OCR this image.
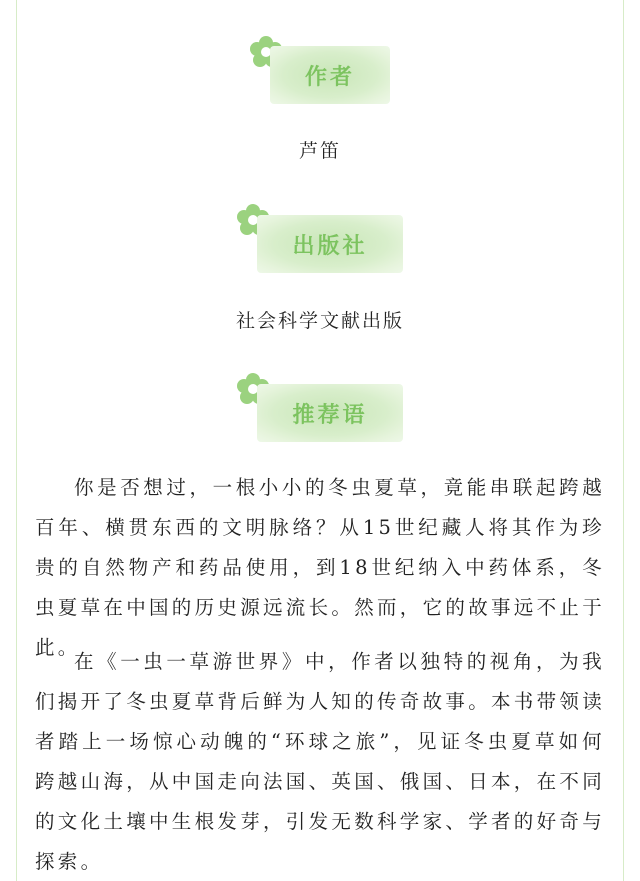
作者
芦笛
出版社
社会科学文献出版
推荐语

你是否想过，一根小小的冬虫夏草，竟能串联起跨越百年、横贯东西的文明脉络？从15世纪藏人将其作为珍贵的自然物产和药品使用，到18世纪纳入中药体系，冬虫夏草在中国的历史源远流长。然而，它的故事远不止于此。

在《一虫一草游世界》中，作者以独特的视角，为我们揭开了冬虫夏草背后鲜为人知的传奇故事。本书带领读者踏上一场惊心动魄的“环球之旅”，见证冬虫夏草如何跨越山海，从中国走向法国、英国、俄国、日本，在不同的文化土壤中生根发芽，引发无数科学家、学者的好奇与探索。
